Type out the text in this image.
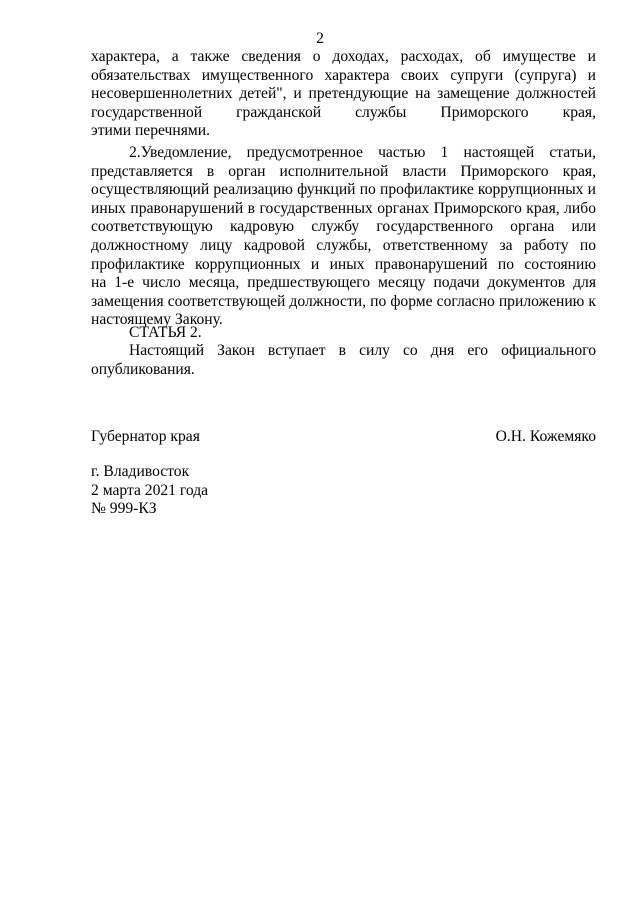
2
характера, а также сведения о доходах, расходах, об имуществе и
обязательствах имущественного характера своих супруги (супруга) и
несовершеннолетних детей", и претендующие на замещение должностей
государственной гражданской службы Приморского края,
этими перечнями.
2.Уведомление, предусмотренное частью 1 настоящей статьи,
представляется в орган исполнительной власти Приморского края,
осуществляющий реализацию функций по профилактике коррупционных и
иных правонарушений в государственных органах Приморского края, либо
соответствующую кадровую службу государственного органа или
должностному лицу кадровой службы, ответственному за работу по
профилактике коррупционных и иных правонарушений по состоянию
на 1-е число месяца, предшествующего месяцу подачи документов для
замещения соответствующей должности, по форме согласно приложению к
настоящему Закону.
СТАТЬЯ 2.
Настоящий Закон вступает в силу со дня его официального
опубликования.
Губернатор края	О.Н. Кожемяко
г. Владивосток
2 марта 2021 года
№ 999-КЗ
